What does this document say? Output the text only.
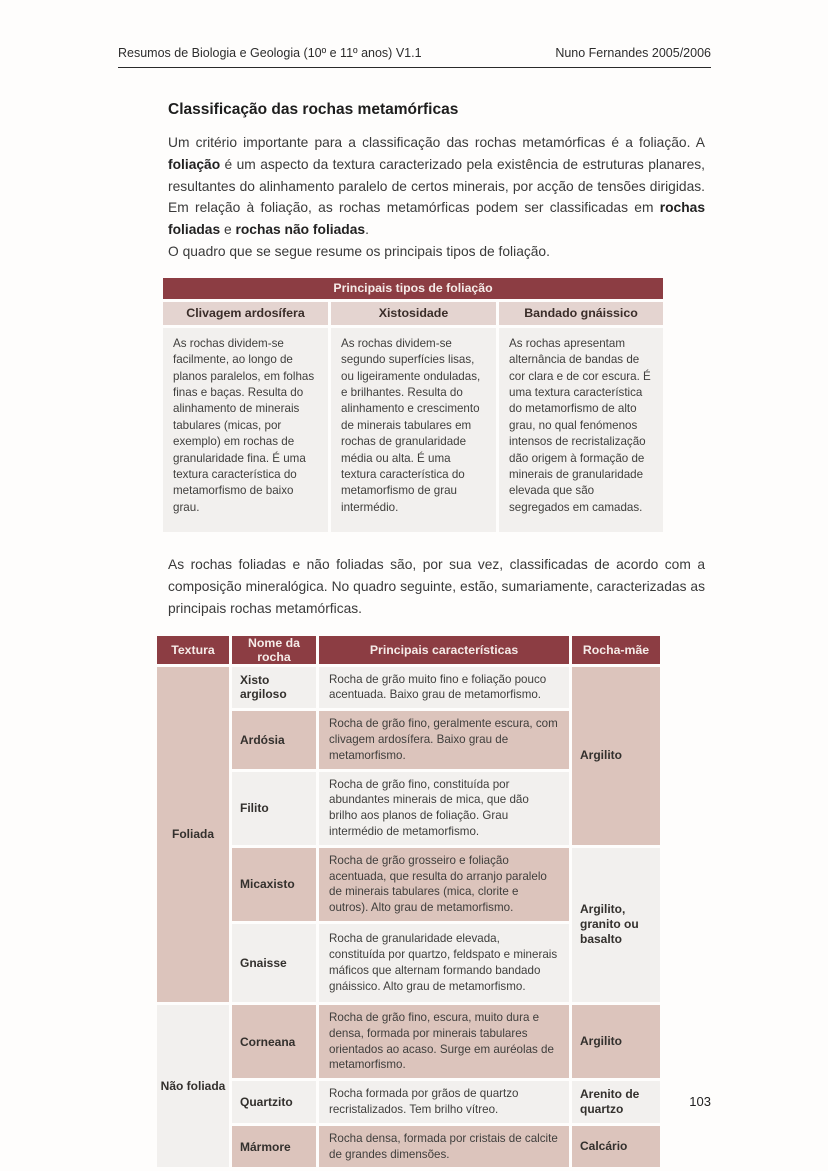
Resumos de Biologia e Geologia (10º e 11º anos) V1.1	Nuno Fernandes 2005/2006
Classificação das rochas metamórficas
Um critério importante para a classificação das rochas metamórficas é a foliação. A foliação é um aspecto da textura caracterizado pela existência de estruturas planares, resultantes do alinhamento paralelo de certos minerais, por acção de tensões dirigidas. Em relação à foliação, as rochas metamórficas podem ser classificadas em rochas foliadas e rochas não foliadas.
O quadro que se segue resume os principais tipos de foliação.
Principais tipos de foliação		
Clivagem ardosífera	Xistosidade	Bandado gnáissico
As rochas dividem-se facilmente, ao longo de planos paralelos, em folhas finas e baças. Resulta do alinhamento de minerais tabulares (micas, por exemplo) em rochas de granularidade fina. É uma textura característica do metamorfismo de baixo grau.	As rochas dividem-se segundo superfícies lisas, ou ligeiramente onduladas, e brilhantes. Resulta do alinhamento e crescimento de minerais tabulares em rochas de granularidade média ou alta. É uma textura característica do metamorfismo de grau intermédio.	As rochas apresentam alternância de bandas de cor clara e de cor escura. É uma textura característica do metamorfismo de alto grau, no qual fenómenos intensos de recristalização dão origem à formação de minerais de granularidade elevada que são segregados em camadas.
As rochas foliadas e não foliadas são, por sua vez, classificadas de acordo com a composição mineralógica. No quadro seguinte, estão, sumariamente, caracterizadas as principais rochas metamórficas.
Textura	Nome da rocha	Principais características	Rocha-mãe
Foliada	Xisto argiloso	Rocha de grão muito fino e foliação pouco acentuada. Baixo grau de metamorfismo.	Argilito
	Ardósia	Rocha de grão fino, geralmente escura, com clivagem ardosífera. Baixo grau de metamorfismo.	
	Filito	Rocha de grão fino, constituída por abundantes minerais de mica, que dão brilho aos planos de foliação. Grau intermédio de metamorfismo.	
	Micaxisto	Rocha de grão grosseiro e foliação acentuada, que resulta do arranjo paralelo de minerais tabulares (mica, clorite e outros). Alto grau de metamorfismo.	Argilito, granito ou basalto
	Gnaisse	Rocha de granularidade elevada, constituída por quartzo, feldspato e minerais máficos que alternam formando bandado gnáissico. Alto grau de metamorfismo.	
Não foliada	Corneana	Rocha de grão fino, escura, muito dura e densa, formada por minerais tabulares orientados ao acaso. Surge em auréolas de metamorfismo.	Argilito
	Quartzito	Rocha formada por grãos de quartzo recristalizados. Tem brilho vítreo.	Arenito de quartzo
	Mármore	Rocha densa, formada por cristais de calcite de grandes dimensões.	Calcário
103
